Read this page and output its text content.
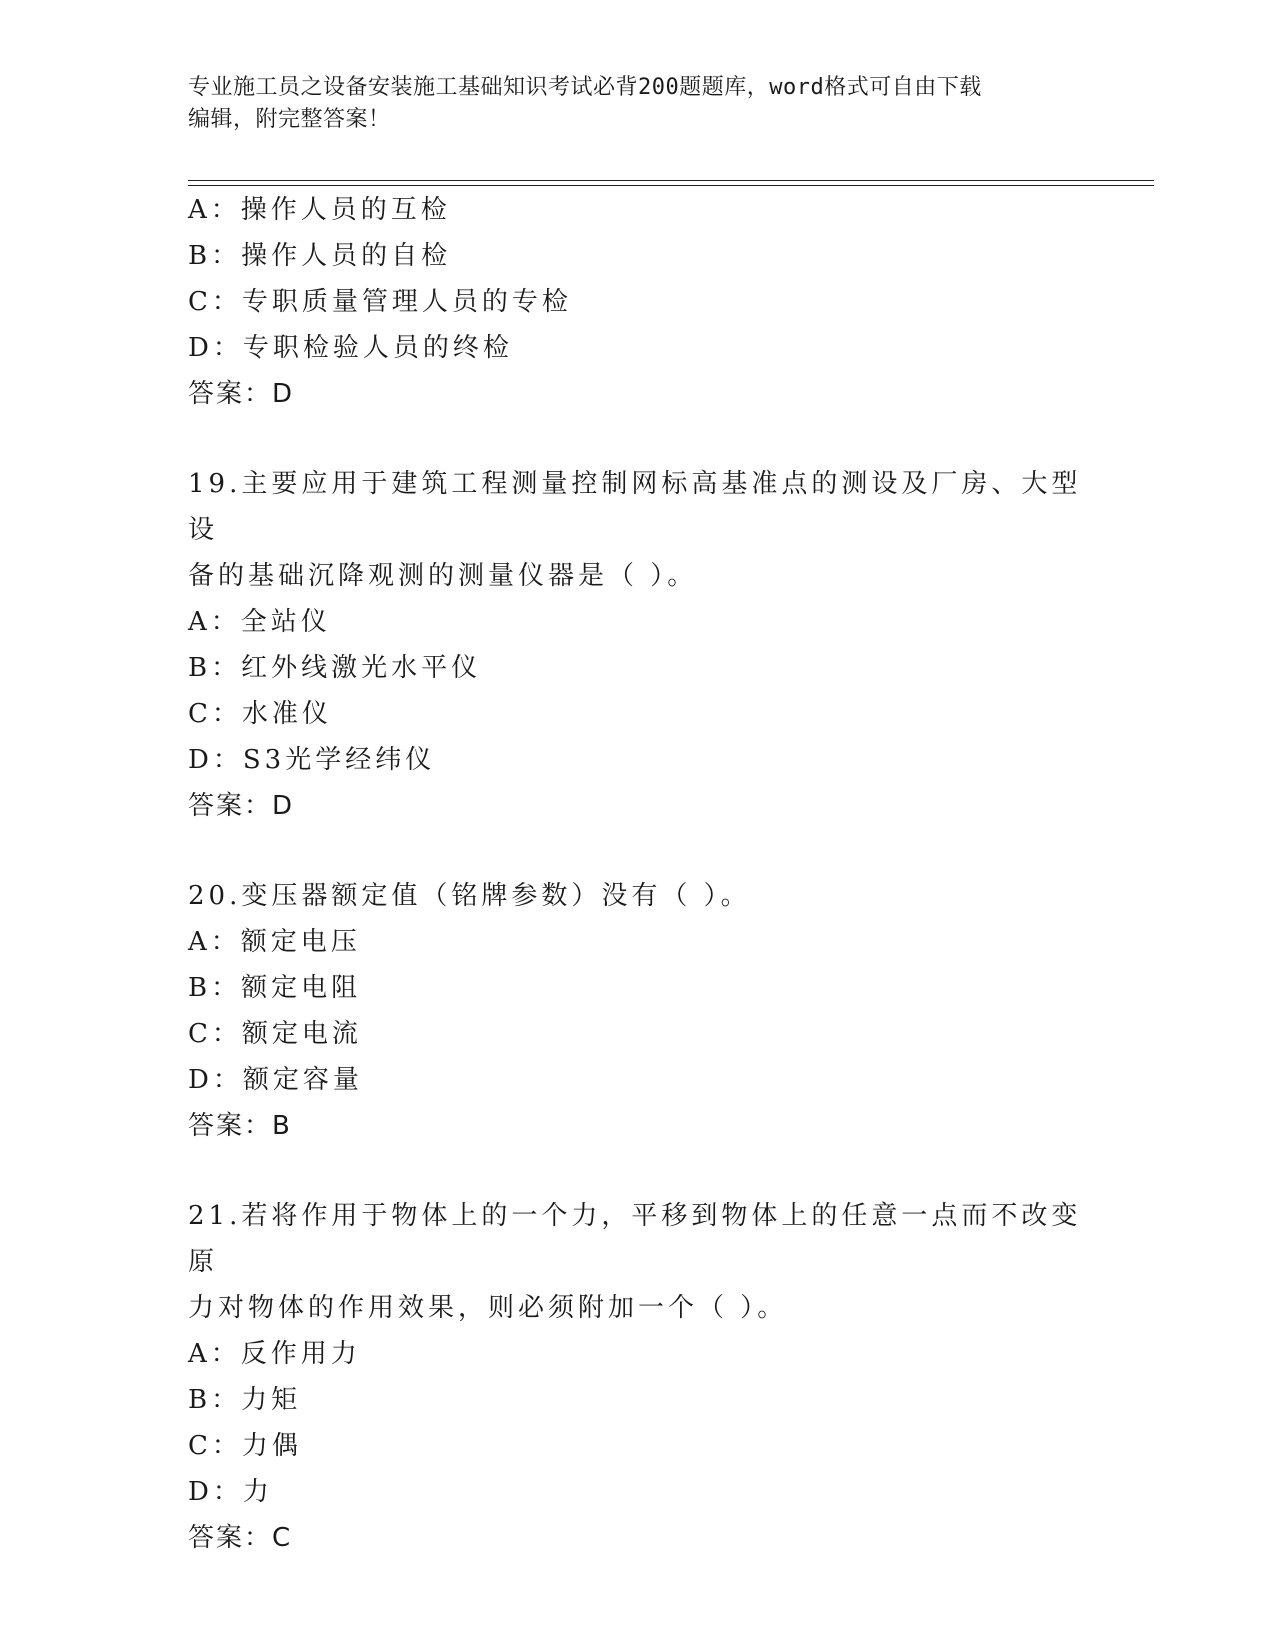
专业施工员之设备安装施工基础知识考试必背200题题库，word格式可自由下载
编辑，附完整答案！

A：操作人员的互检

B：操作人员的自检

C：专职质量管理人员的专检

D：专职检验人员的终检

答案：D

19.主要应用于建筑工程测量控制网标高基准点的测设及厂房、大型设
备的基础沉降观测的测量仪器是（ ）。

A：全站仪

B：红外线激光水平仪

C：水准仪

D：S3光学经纬仪

答案：D

20.变压器额定值（铭牌参数）没有（ ）。

A：额定电压

B：额定电阻

C：额定电流

D：额定容量

答案：B

21.若将作用于物体上的一个力，平移到物体上的任意一点而不改变原
力对物体的作用效果，则必须附加一个（ ）。

A：反作用力

B：力矩

C：力偶

D：力

答案：C
